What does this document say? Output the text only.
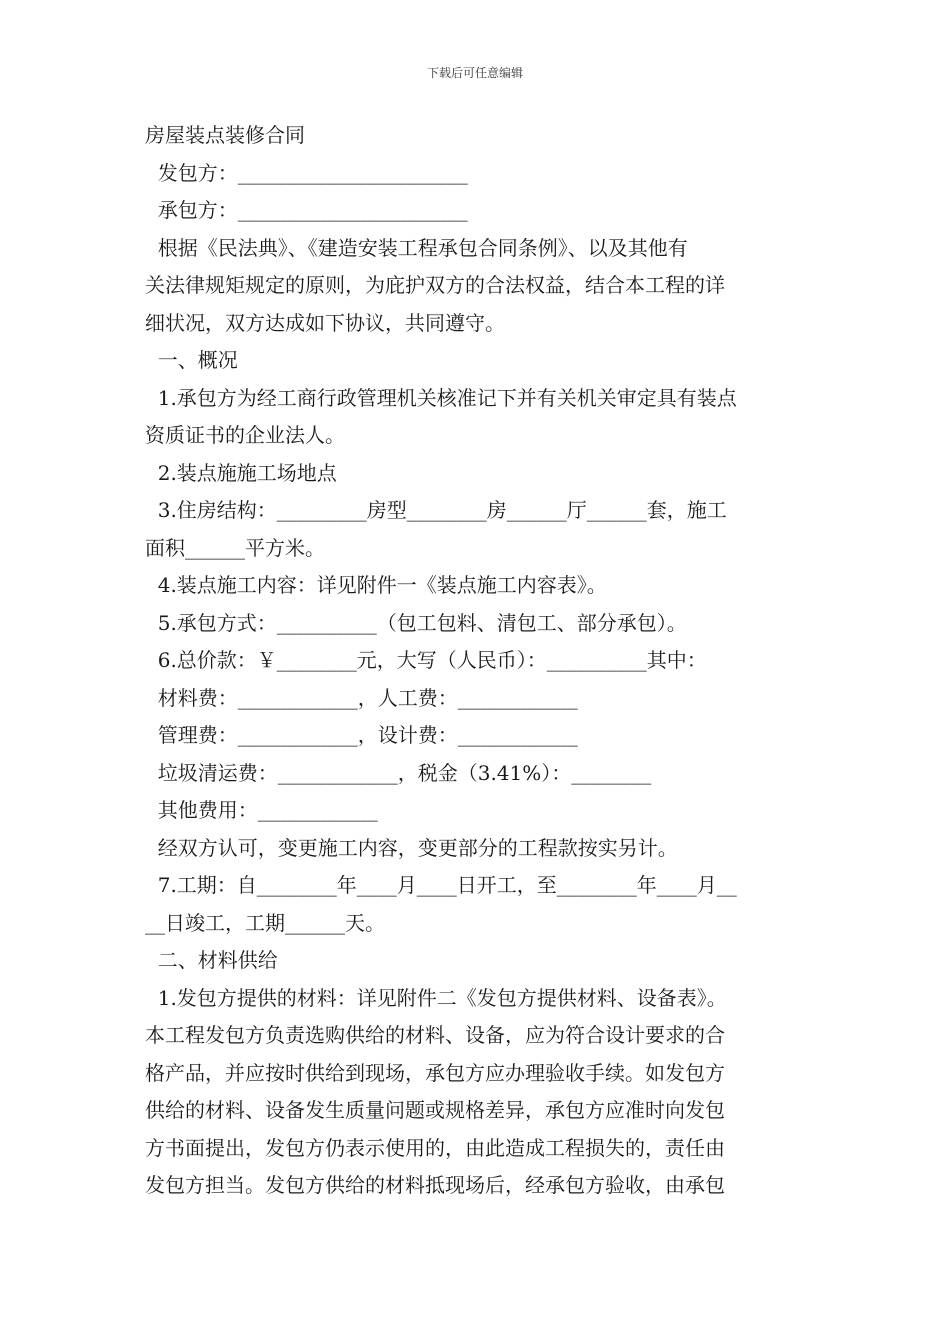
下载后可任意编辑
房屋装点装修合同
发包方：_______________________
承包方：_______________________
根据《民法典》、《建造安装工程承包合同条例》、以及其他有
关法律规矩规定的原则，为庇护双方的合法权益，结合本工程的详
细状况，双方达成如下协议，共同遵守。
一、概况
1.承包方为经工商行政管理机关核准记下并有关机关审定具有装点
资质证书的企业法人。
2.装点施施工场地点
3.住房结构：_________房型________房______厅______套，施工
面积______平方米。
4.装点施工内容：详见附件一《装点施工内容表》。
5.承包方式：__________（包工包料、清包工、部分承包）。
6.总价款：￥________元，大写（人民币）：__________其中：
材料费：____________，人工费：____________
管理费：____________，设计费：____________
垃圾清运费：____________，税金（3.41%）：________
其他费用：____________
经双方认可，变更施工内容，变更部分的工程款按实另计。
7.工期：自________年____月____日开工，至________年____月__
__日竣工，工期______天。
二、材料供给
1.发包方提供的材料：详见附件二《发包方提供材料、设备表》。
本工程发包方负责选购供给的材料、设备，应为符合设计要求的合
格产品，并应按时供给到现场，承包方应办理验收手续。如发包方
供给的材料、设备发生质量问题或规格差异，承包方应准时向发包
方书面提出，发包方仍表示使用的，由此造成工程损失的，责任由
发包方担当。发包方供给的材料抵现场后，经承包方验收，由承包
